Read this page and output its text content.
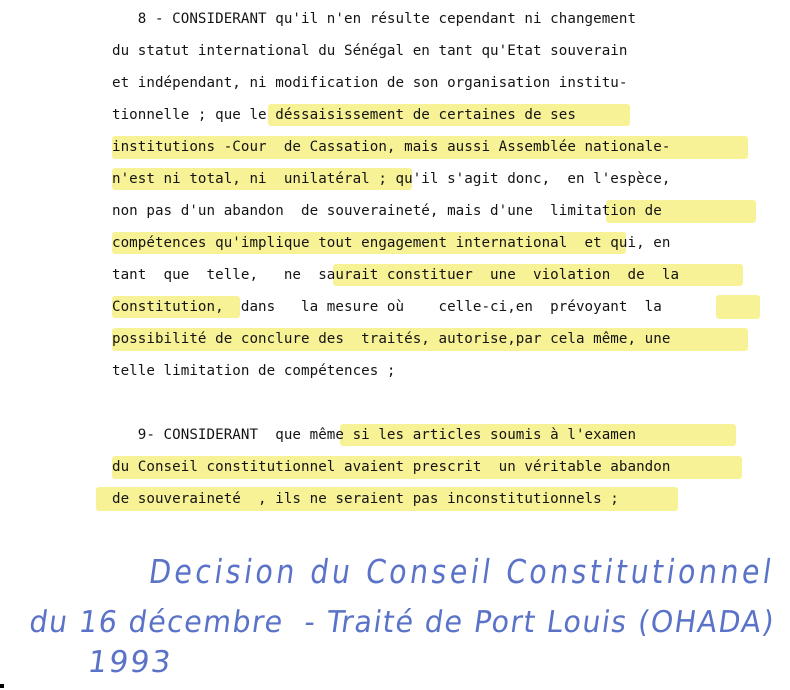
8 - CONSIDERANT qu'il n'en résulte cependant ni changement
du statut international du Sénégal en tant qu'Etat souverain
et indépendant, ni modification de son organisation institu-
tionnelle ; que le déssaisissement de certaines de ses
institutions -Cour  de Cassation, mais aussi Assemblée nationale-
n'est ni total, ni  unilatéral ; qu'il s'agit donc,  en l'espèce,
non pas d'un abandon  de souveraineté, mais d'une  limitation de
compétences qu'implique tout engagement international  et qui, en
tant  que  telle,   ne  saurait constituer  une  violation  de  la
Constitution,  dans   la mesure où    celle-ci,en  prévoyant  la
possibilité de conclure des  traités, autorise,par cela même, une
telle limitation de compétences ;
9- CONSIDERANT  que même si les articles soumis à l'examen
du Conseil constitutionnel avaient prescrit  un véritable abandon
de souveraineté  , ils ne seraient pas inconstitutionnels ;
Decision du Conseil Constitutionnel
du 16 décembre  - Traité de Port Louis (OHADA)
1993
